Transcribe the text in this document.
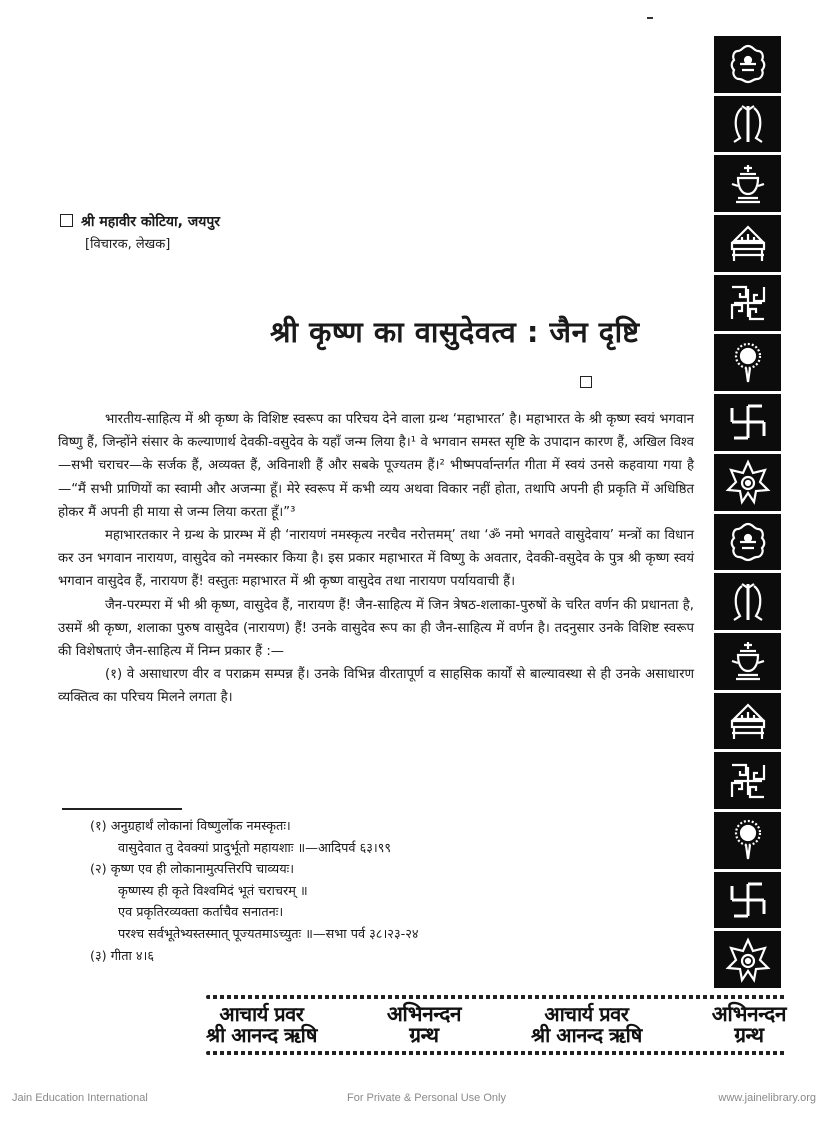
श्री महावीर कोटिया, जयपुर
[विचारक, लेखक]
श्री कृष्ण का वासुदेवत्व : जैन दृष्टि

भारतीय-साहित्य में श्री कृष्ण के विशिष्ट स्वरूप का परिचय देने वाला ग्रन्थ ‘महाभारत’ है। महाभारत के श्री कृष्ण स्वयं भगवान विष्णु हैं, जिन्होंने संसार के कल्याणार्थ देवकी-वसुदेव के यहाँ जन्म लिया है।¹ वे भगवान समस्त सृष्टि के उपादान कारण हैं, अखिल विश्व—सभी चराचर—के सर्जक हैं, अव्यक्त हैं, अविनाशी हैं और सबके पूज्यतम हैं।² भीष्मपर्वान्तर्गत गीता में स्वयं उनसे कहवाया गया है—“मैं सभी प्राणियों का स्वामी और अजन्मा हूँ। मेरे स्वरूप में कभी व्यय अथवा विकार नहीं होता, तथापि अपनी ही प्रकृति में अधिष्ठित होकर मैं अपनी ही माया से जन्म लिया करता हूँ।”³

महाभारतकार ने ग्रन्थ के प्रारम्भ में ही ‘नारायणं नमस्कृत्य नरचैव नरोत्तमम्’ तथा ‘ॐ नमो भगवते वासुदेवाय’ मन्त्रों का विधान कर उन भगवान नारायण, वासुदेव को नमस्कार किया है। इस प्रकार महाभारत में विष्णु के अवतार, देवकी-वसुदेव के पुत्र श्री कृष्ण स्वयं भगवान वासुदेव हैं, नारायण हैं! वस्तुतः महाभारत में श्री कृष्ण वासुदेव तथा नारायण पर्यायवाची हैं।

जैन-परम्परा में भी श्री कृष्ण, वासुदेव हैं, नारायण हैं! जैन-साहित्य में जिन त्रेषठ-शलाका-पुरुषों के चरित वर्णन की प्रधानता है, उसमें श्री कृष्ण, शलाका पुरुष वासुदेव (नारायण) हैं! उनके वासुदेव रूप का ही जैन-साहित्य में वर्णन है। तदनुसार उनके विशिष्ट स्वरूप की विशेषताएं जैन-साहित्य में निम्न प्रकार हैं :—

(१) वे असाधारण वीर व पराक्रम सम्पन्न हैं। उनके विभिन्न वीरतापूर्ण व साहसिक कार्यों से बाल्यावस्था से ही उनके असाधारण व्यक्तित्व का परिचय मिलने लगता है।

(१) अनुग्रहार्थं लोकानां विष्णुर्लोक नमस्कृतः।
वासुदेवात तु देवक्यां प्रादुर्भूतो महायशाः ॥—आदिपर्व ६३।९९
(२) कृष्ण एव ही लोकानामुत्पत्तिरपि चाव्ययः।
कृष्णस्य ही कृते विश्वमिदं भूतं चराचरम् ॥
एव प्रकृतिरव्यक्ता कर्ताचैव सनातनः।
परश्च सर्वभूतेभ्यस्तस्मात् पूज्यतमाऽच्युतः ॥—सभा पर्व ३८।२३-२४
(३) गीता ४।६
आचार्य प्रवर
श्री आनन्द ऋषि
अभिनन्दन
ग्रन्थ
आचार्य प्रवर
श्री आनन्द ऋषि
अभिनन्दन
ग्रन्थ
Jain Education International	For Private & Personal Use Only	www.jainelibrary.org
